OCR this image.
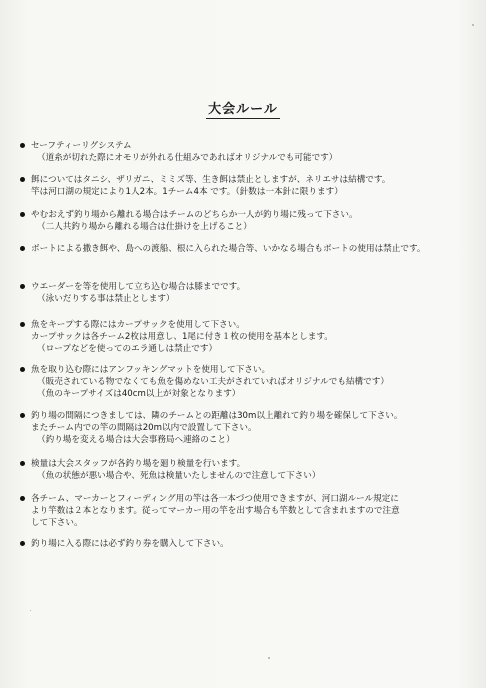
大会ルール
セーフティーリグシステム
（道糸が切れた際にオモリが外れる仕組みであればオリジナルでも可能です）
餌についてはタニシ、ザリガニ、ミミズ等、生き餌は禁止としますが、ネリエサは結構です。
竿は河口湖の規定により1人2本。1チーム4本 です。（針数は一本針に限ります）
やむおえず釣り場から離れる場合はチームのどちらか一人が釣り場に残って下さい。
（二人共釣り場から離れる場合は仕掛けを上げること）
ボートによる撒き餌や、島への渡船、根に入られた場合等、いかなる場合もボートの使用は禁止です。
ウエーダーを等を使用して立ち込む場合は膝までです。
（泳いだりする事は禁止とします）
魚をキープする際にはカープサックを使用して下さい。
カープサックは各チーム2枚は用意し、1尾に付き１枚の使用を基本とします。
（ロープなどを使ってのエラ通しは禁止です）
魚を取り込む際にはアンフッキングマットを使用して下さい。
（販売されている物でなくても魚を傷めない工夫がされていればオリジナルでも結構です）
（魚のキープサイズは40cm以上が対象となります）
釣り場の間隔につきましては、隣のチームとの距離は30m以上離れて釣り場を確保して下さい。
またチーム内での竿の間隔は20m以内で設置して下さい。
（釣り場を変える場合は大会事務局へ連絡のこと）
検量は大会スタッフが各釣り場を廻り検量を行います。
（魚の状態が悪い場合や、死魚は検量いたしませんので注意して下さい）
各チーム、マーカーとフィーディング用の竿は各一本づつ使用できますが、河口湖ルール規定に
より竿数は２本となります。従ってマーカー用の竿を出す場合も竿数として含まれますので注意
して下さい。
釣り場に入る際には必ず釣り券を購入して下さい。
